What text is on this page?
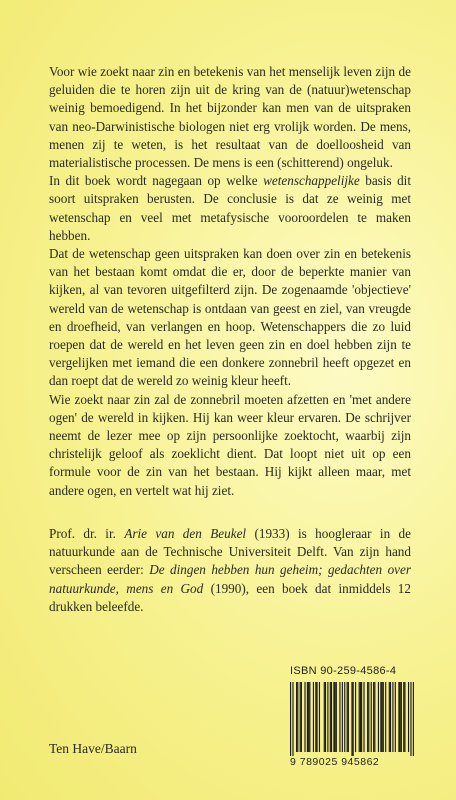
Voor wie zoekt naar zin en betekenis van het menselijk leven zijn de geluiden die te horen zijn uit de kring van de (natuur)wetenschap weinig bemoedigend. In het bijzonder kan men van de uitspraken van neo-Darwinistische biologen niet erg vrolijk worden. De mens, menen zij te weten, is het resultaat van de doelloosheid van materialistische processen. De mens is een (schitterend) ongeluk.

In dit boek wordt nagegaan op welke wetenschappelijke basis dit soort uitspraken berusten. De conclusie is dat ze weinig met wetenschap en veel met metafysische vooroordelen te maken hebben.

Dat de wetenschap geen uitspraken kan doen over zin en betekenis van het bestaan komt omdat die er, door de beperkte manier van kijken, al van tevoren uitgefilterd zijn. De zogenaamde 'objectieve' wereld van de wetenschap is ontdaan van geest en ziel, van vreugde en droefheid, van verlangen en hoop. Wetenschappers die zo luid roepen dat de wereld en het leven geen zin en doel hebben zijn te vergelijken met iemand die een donkere zonnebril heeft opgezet en dan roept dat de wereld zo weinig kleur heeft.

Wie zoekt naar zin zal de zonnebril moeten afzetten en 'met andere ogen' de wereld in kijken. Hij kan weer kleur ervaren. De schrijver neemt de lezer mee op zijn persoonlijke zoektocht, waarbij zijn christelijk geloof als zoeklicht dient. Dat loopt niet uit op een formule voor de zin van het bestaan. Hij kijkt alleen maar, met andere ogen, en vertelt wat hij ziet.

Prof. dr. ir. Arie van den Beukel (1933) is hoogleraar in de natuurkunde aan de Technische Universiteit Delft. Van zijn hand verscheen eerder: De dingen hebben hun geheim; gedachten over natuurkunde, mens en God (1990), een boek dat inmiddels 12 drukken beleefde.

ISBN 90-259-4586-4
9 789025 945862
Ten Have/Baarn
